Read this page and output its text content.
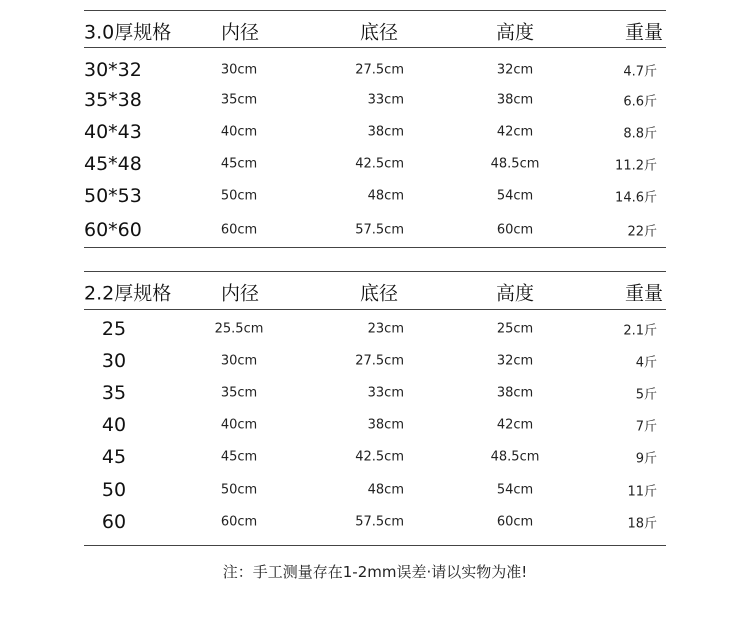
3.0厚规格	内径	底径	高度	重量
30*32	30cm	27.5cm	32cm	4.7斤
35*38	35cm	33cm	38cm	6.6斤
40*43	40cm	38cm	42cm	8.8斤
45*48	45cm	42.5cm	48.5cm	11.2斤
50*53	50cm	48cm	54cm	14.6斤
60*60	60cm	57.5cm	60cm	22斤
2.2厚规格	内径	底径	高度	重量
25	25.5cm	23cm	25cm	2.1斤
30	30cm	27.5cm	32cm	4斤
35	35cm	33cm	38cm	5斤
40	40cm	38cm	42cm	7斤
45	45cm	42.5cm	48.5cm	9斤
50	50cm	48cm	54cm	11斤
60	60cm	57.5cm	60cm	18斤
注：手工测量存在1-2mm误差·请以实物为准!
